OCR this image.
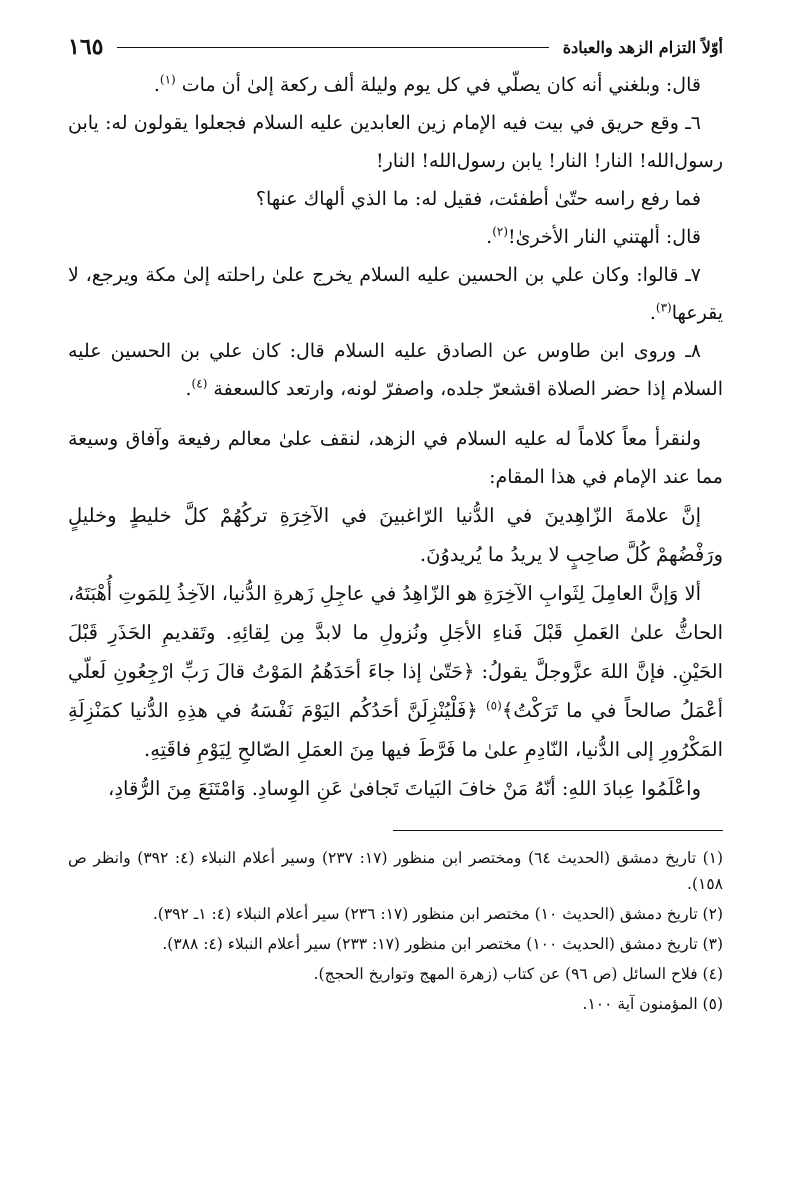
أوّلاً التزام الزهد والعبادة
١٦٥

قال: وبلغني أنه كان يصلّي في كل يوم وليلة ألف ركعة إلىٰ أن مات $^{(١)}$.

٦ـ وقع حريق في بيت فيه الإمام زين العابدين عليه السلام فجعلوا يقولون له: يابن رسول‌الله! النار! النار! يابن رسول‌الله! النار!

فما رفع راسه حتّىٰ أطفئت، فقيل له: ما الذي ألهاك عنها؟

قال: ألهتني النار الأخرىٰ!$^{(٢)}$.

٧ـ قالوا: وكان علي بن الحسين عليه السلام يخرج علىٰ راحلته إلىٰ مكة ويرجع، لا يقرعها$^{(٣)}$.

٨ـ وروى ابن طاوس عن الصادق عليه السلام قال: كان علي بن الحسين عليه السلام إذا حضر الصلاة اقشعرّ جلده، واصفرّ لونه، وارتعد كالسعفة $^{(٤)}$.

ولنقرأ معاً كلاماً له عليه السلام في الزهد، لنقف علىٰ معالم رفيعة وآفاق وسيعة مما عند الإمام في هذا المقام:

إنَّ علامةَ الزّاهِدينَ في الدُّنيا الرّاغبينَ في الآخِرَةِ تركُهُمْ كلَّ خليطٍ وخليلٍ ورَفْضُهمْ كُلَّ صاحِبٍ لا يريدُ ما يُريدوُنَ.

ألا وَإنَّ العامِلَ لِثَوابِ الآخِرَةِ هو الزّاهِدُ في عاجِلِ زَهرةِ الدُّنيا، الآخِذُ لِلمَوتِ أُهْبَتَهُ، الحاثُّ علىٰ العَملِ قَبْلَ فَناءِ الأجَلِ ونُزولِ ما لابدَّ مِن لِقائِهِ. وتَقديمِ الحَذَرِ قَبْلَ الحَيْنِ. فإنَّ اللهَ عزَّوجلَّ يقولُ: ﴿حَتّىٰ إذا جاءَ أحَدَهُمُ المَوْتُ قالَ رَبِّ ارْجِعُونِ لَعلّي أعْمَلُ صالحاً في ما تَرَكْتُ﴾$^{(٥)}$ ﴿فَلْيُنْزِلَنَّ أحَدُكُم اليَوْمَ نَفْسَهُ في هذِهِ الدُّنيا كمَنْزِلَةِ المَكْرُورِ إلى الدُّنيا، النّادِمِ علىٰ ما فَرَّطَ فيها مِنَ العمَلِ الصّالحِ لِيَوْمِ فاقَتِهِ.

واعْلَمُوا عِبادَ اللهِ: أنّهُ مَنْ خافَ البَياتَ تَجافىٰ عَنِ الوِسادِ. وَامْتَنَعَ مِنَ الرُّقادِ،

(١) تاريخ دمشق (الحديث ٦٤) ومختصر ابن منظور (١٧: ٢٣٧) وسير أعلام النبلاء (٤: ٣٩٢) وانظر ص ١٥٨).

(٢) تاريخ دمشق (الحديث ١٠) مختصر ابن منظور (١٧: ٢٣٦) سير أعلام النبلاء (٤: ١ـ ٣٩٢).

(٣) تاريخ دمشق (الحديث ١٠٠) مختصر ابن منظور (١٧: ٢٣٣) سير أعلام النبلاء (٤: ٣٨٨).

(٤) فلاح السائل (ص ٩٦) عن كتاب (زهرة المهج وتواريخ الحجج).

(٥) المؤمنون آية ١٠٠.
